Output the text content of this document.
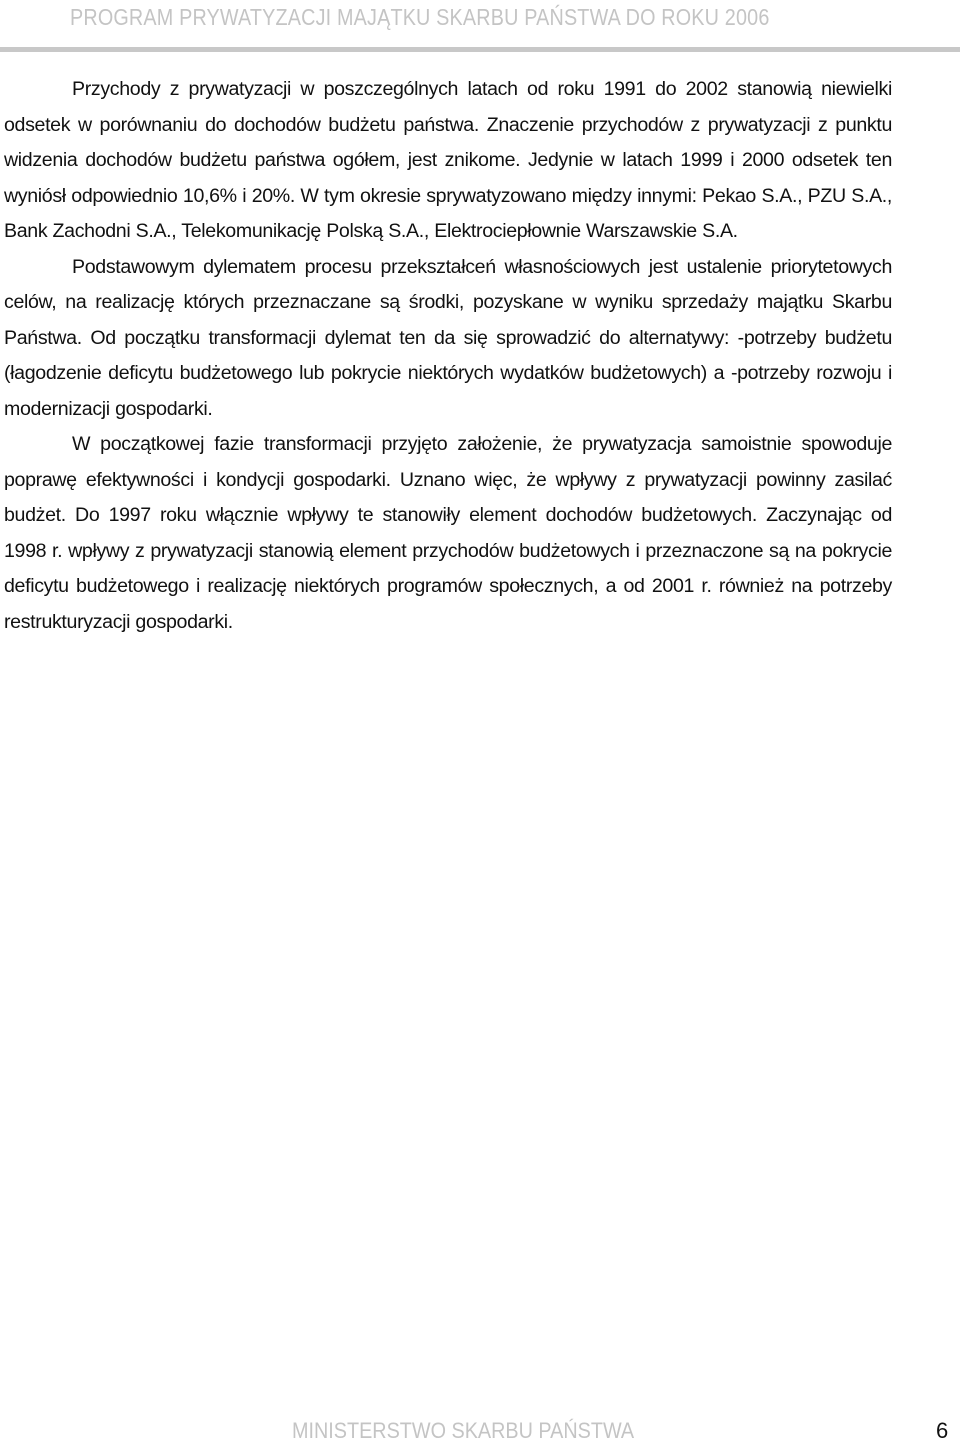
PROGRAM PRYWATYZACJI MAJĄTKU SKARBU PAŃSTWA DO ROKU 2006

Przychody z prywatyzacji w poszczególnych latach od roku 1991 do 2002 stanowią niewielki odsetek w porównaniu do dochodów budżetu państwa. Znaczenie przychodów z prywatyzacji z punktu widzenia dochodów budżetu państwa ogółem, jest znikome. Jedynie w latach 1999 i 2000 odsetek ten wyniósł odpowiednio 10,6% i 20%. W tym okresie sprywatyzowano między innymi: Pekao S.A., PZU S.A., Bank Zachodni S.A., Telekomunikację Polską S.A., Elektrociepłownie Warszawskie S.A.

Podstawowym dylematem procesu przekształceń własnościowych jest ustalenie priorytetowych celów, na realizację których przeznaczane są środki, pozyskane w wyniku sprzedaży majątku Skarbu Państwa. Od początku transformacji dylemat ten da się sprowadzić do alternatywy: -potrzeby budżetu (łagodzenie deficytu budżetowego lub pokrycie niektórych wydatków budżetowych) a -potrzeby rozwoju i modernizacji gospodarki.

W początkowej fazie transformacji przyjęto założenie, że prywatyzacja samoistnie spowoduje poprawę efektywności i kondycji gospodarki. Uznano więc, że wpływy z prywatyzacji powinny zasilać budżet. Do 1997 roku włącznie wpływy te stanowiły element dochodów budżetowych. Zaczynając od 1998 r. wpływy z prywatyzacji stanowią element przychodów budżetowych i przeznaczone są na pokrycie deficytu budżetowego i realizację niektórych programów społecznych, a od 2001 r. również na potrzeby restrukturyzacji gospodarki.

MINISTERSTWO SKARBU PAŃSTWA	6
